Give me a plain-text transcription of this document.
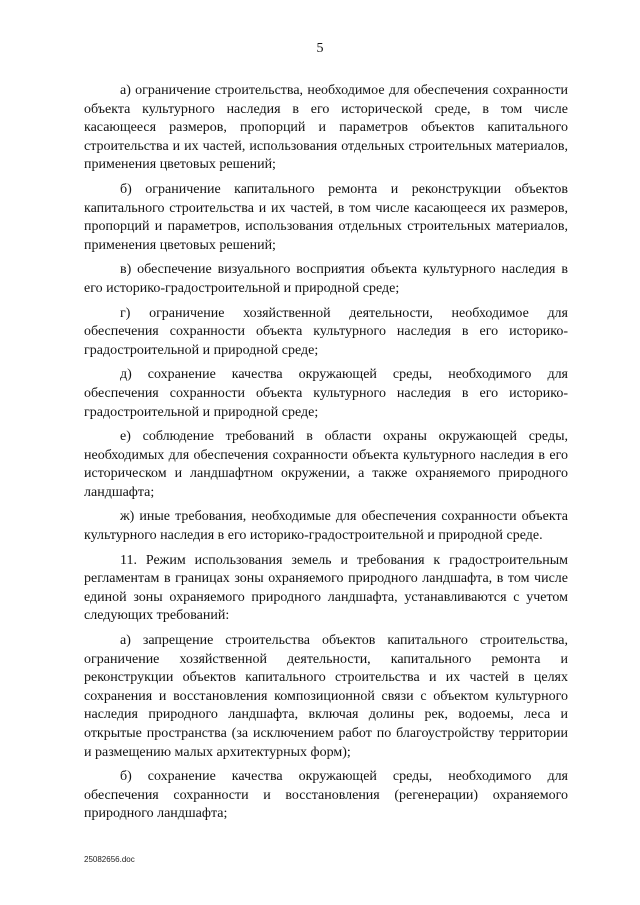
5

а) ограничение строительства, необходимое для обеспечения сохранности объекта культурного наследия в его исторической среде, в том числе касающееся размеров, пропорций и параметров объектов капитального строительства и их частей, использования отдельных строительных материалов, применения цветовых решений;

б) ограничение капитального ремонта и реконструкции объектов капитального строительства и их частей, в том числе касающееся их размеров, пропорций и параметров, использования отдельных строительных материалов, применения цветовых решений;

в) обеспечение визуального восприятия объекта культурного наследия в его историко-градостроительной и природной среде;

г) ограничение хозяйственной деятельности, необходимое для обеспечения сохранности объекта культурного наследия в его историко-градостроительной и природной среде;

д) сохранение качества окружающей среды, необходимого для обеспечения сохранности объекта культурного наследия в его историко-градостроительной и природной среде;

е) соблюдение требований в области охраны окружающей среды, необходимых для обеспечения сохранности объекта культурного наследия в его историческом и ландшафтном окружении, а также охраняемого природного ландшафта;

ж) иные требования, необходимые для обеспечения сохранности объекта культурного наследия в его историко-градостроительной и природной среде.

11. Режим использования земель и требования к градостроительным регламентам в границах зоны охраняемого природного ландшафта, в том числе единой зоны охраняемого природного ландшафта, устанавливаются с учетом следующих требований:

а) запрещение строительства объектов капитального строительства, ограничение хозяйственной деятельности, капитального ремонта и реконструкции объектов капитального строительства и их частей в целях сохранения и восстановления композиционной связи с объектом культурного наследия природного ландшафта, включая долины рек, водоемы, леса и открытые пространства (за исключением работ по благоустройству территории и размещению малых архитектурных форм);

б) сохранение качества окружающей среды, необходимого для обеспечения сохранности и восстановления (регенерации) охраняемого природного ландшафта;

25082656.doc
